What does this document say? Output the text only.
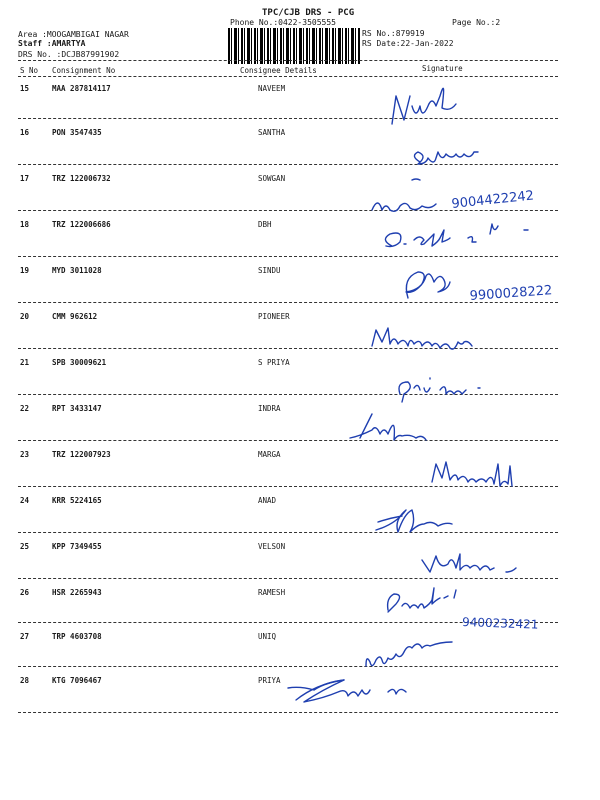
TPC/CJB DRS - PCG
Phone No.:0422-3505555	Page No.:2
Area :MOOGAMBIGAI NAGAR
Staff :AMARTYA
DRS No. :DCJB87991902
RS No.:879919
RS Date:22-Jan-2022
S No Consignment No	Consignee Details	Signature
15	MAA 287814117	NAVEEM
16	PON 3547435	SANTHA
17	TRZ 122006732	SOWGAN
18	TRZ 122006686	DBH
19	MYD 3011028	SINDU
20	CMM 962612	PIONEER
21	SPB 30009621	S PRIYA
22	RPT 3433147	INDRA
23	TRZ 122007923	MARGA
24	KRR 5224165	ANAD
25	KPP 7349455	VELSON
26	HSR 2265943	RAMESH
27	TRP 4603708	UNIQ
28	KTG 7096467	PRIYA
9004422242
9900028222
9400232421
